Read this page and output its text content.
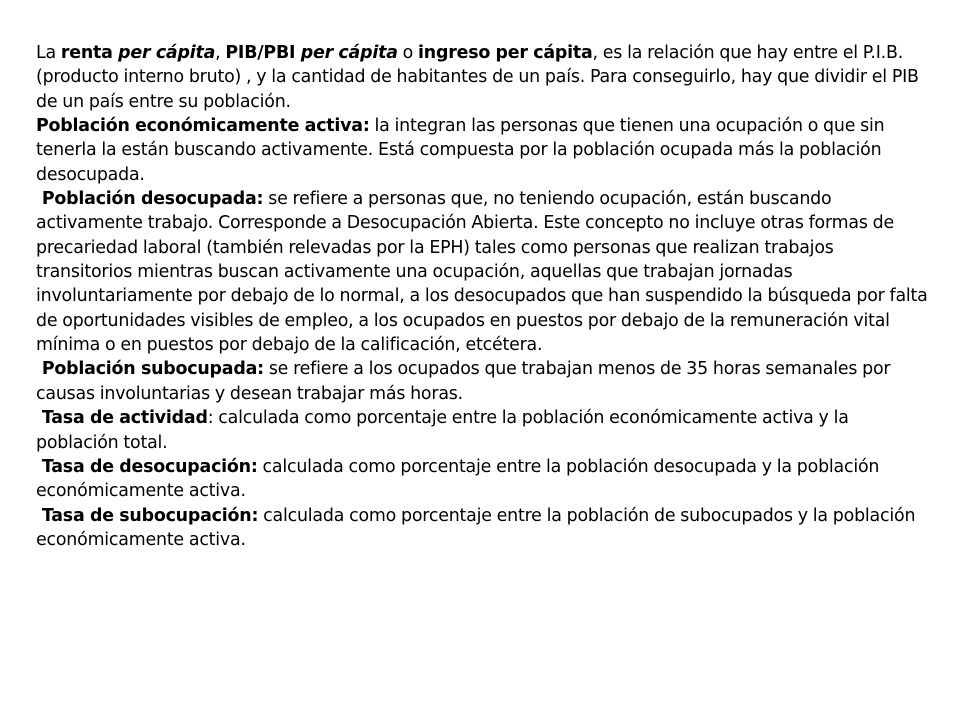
La renta per cápita, PIB/PBI per cápita o ingreso per cápita, es la relación que hay entre el P.I.B. (producto interno bruto) , y la cantidad de habitantes de un país. Para conseguirlo, hay que dividir el PIB de un país entre su población.

Población económicamente activa: la integran las personas que tienen una ocupación o que sin tenerla la están buscando activamente. Está compuesta por la población ocupada más la población desocupada.

Población desocupada: se refiere a personas que, no teniendo ocupación, están buscando activamente trabajo. Corresponde a Desocupación Abierta. Este concepto no incluye otras formas de precariedad laboral (también relevadas por la EPH) tales como personas que realizan trabajos transitorios mientras buscan activamente una ocupación, aquellas que trabajan jornadas involuntariamente por debajo de lo normal, a los desocupados que han suspendido la búsqueda por falta de oportunidades visibles de empleo, a los ocupados en puestos por debajo de la remuneración vital mínima o en puestos por debajo de la calificación, etcétera.

Población subocupada: se refiere a los ocupados que trabajan menos de 35 horas semanales por causas involuntarias y desean trabajar más horas.

Tasa de actividad: calculada como porcentaje entre la población económicamente activa y la población total.

Tasa de desocupación: calculada como porcentaje entre la población desocupada y la población económicamente activa.

Tasa de subocupación: calculada como porcentaje entre la población de subocupados y la población económicamente activa.
